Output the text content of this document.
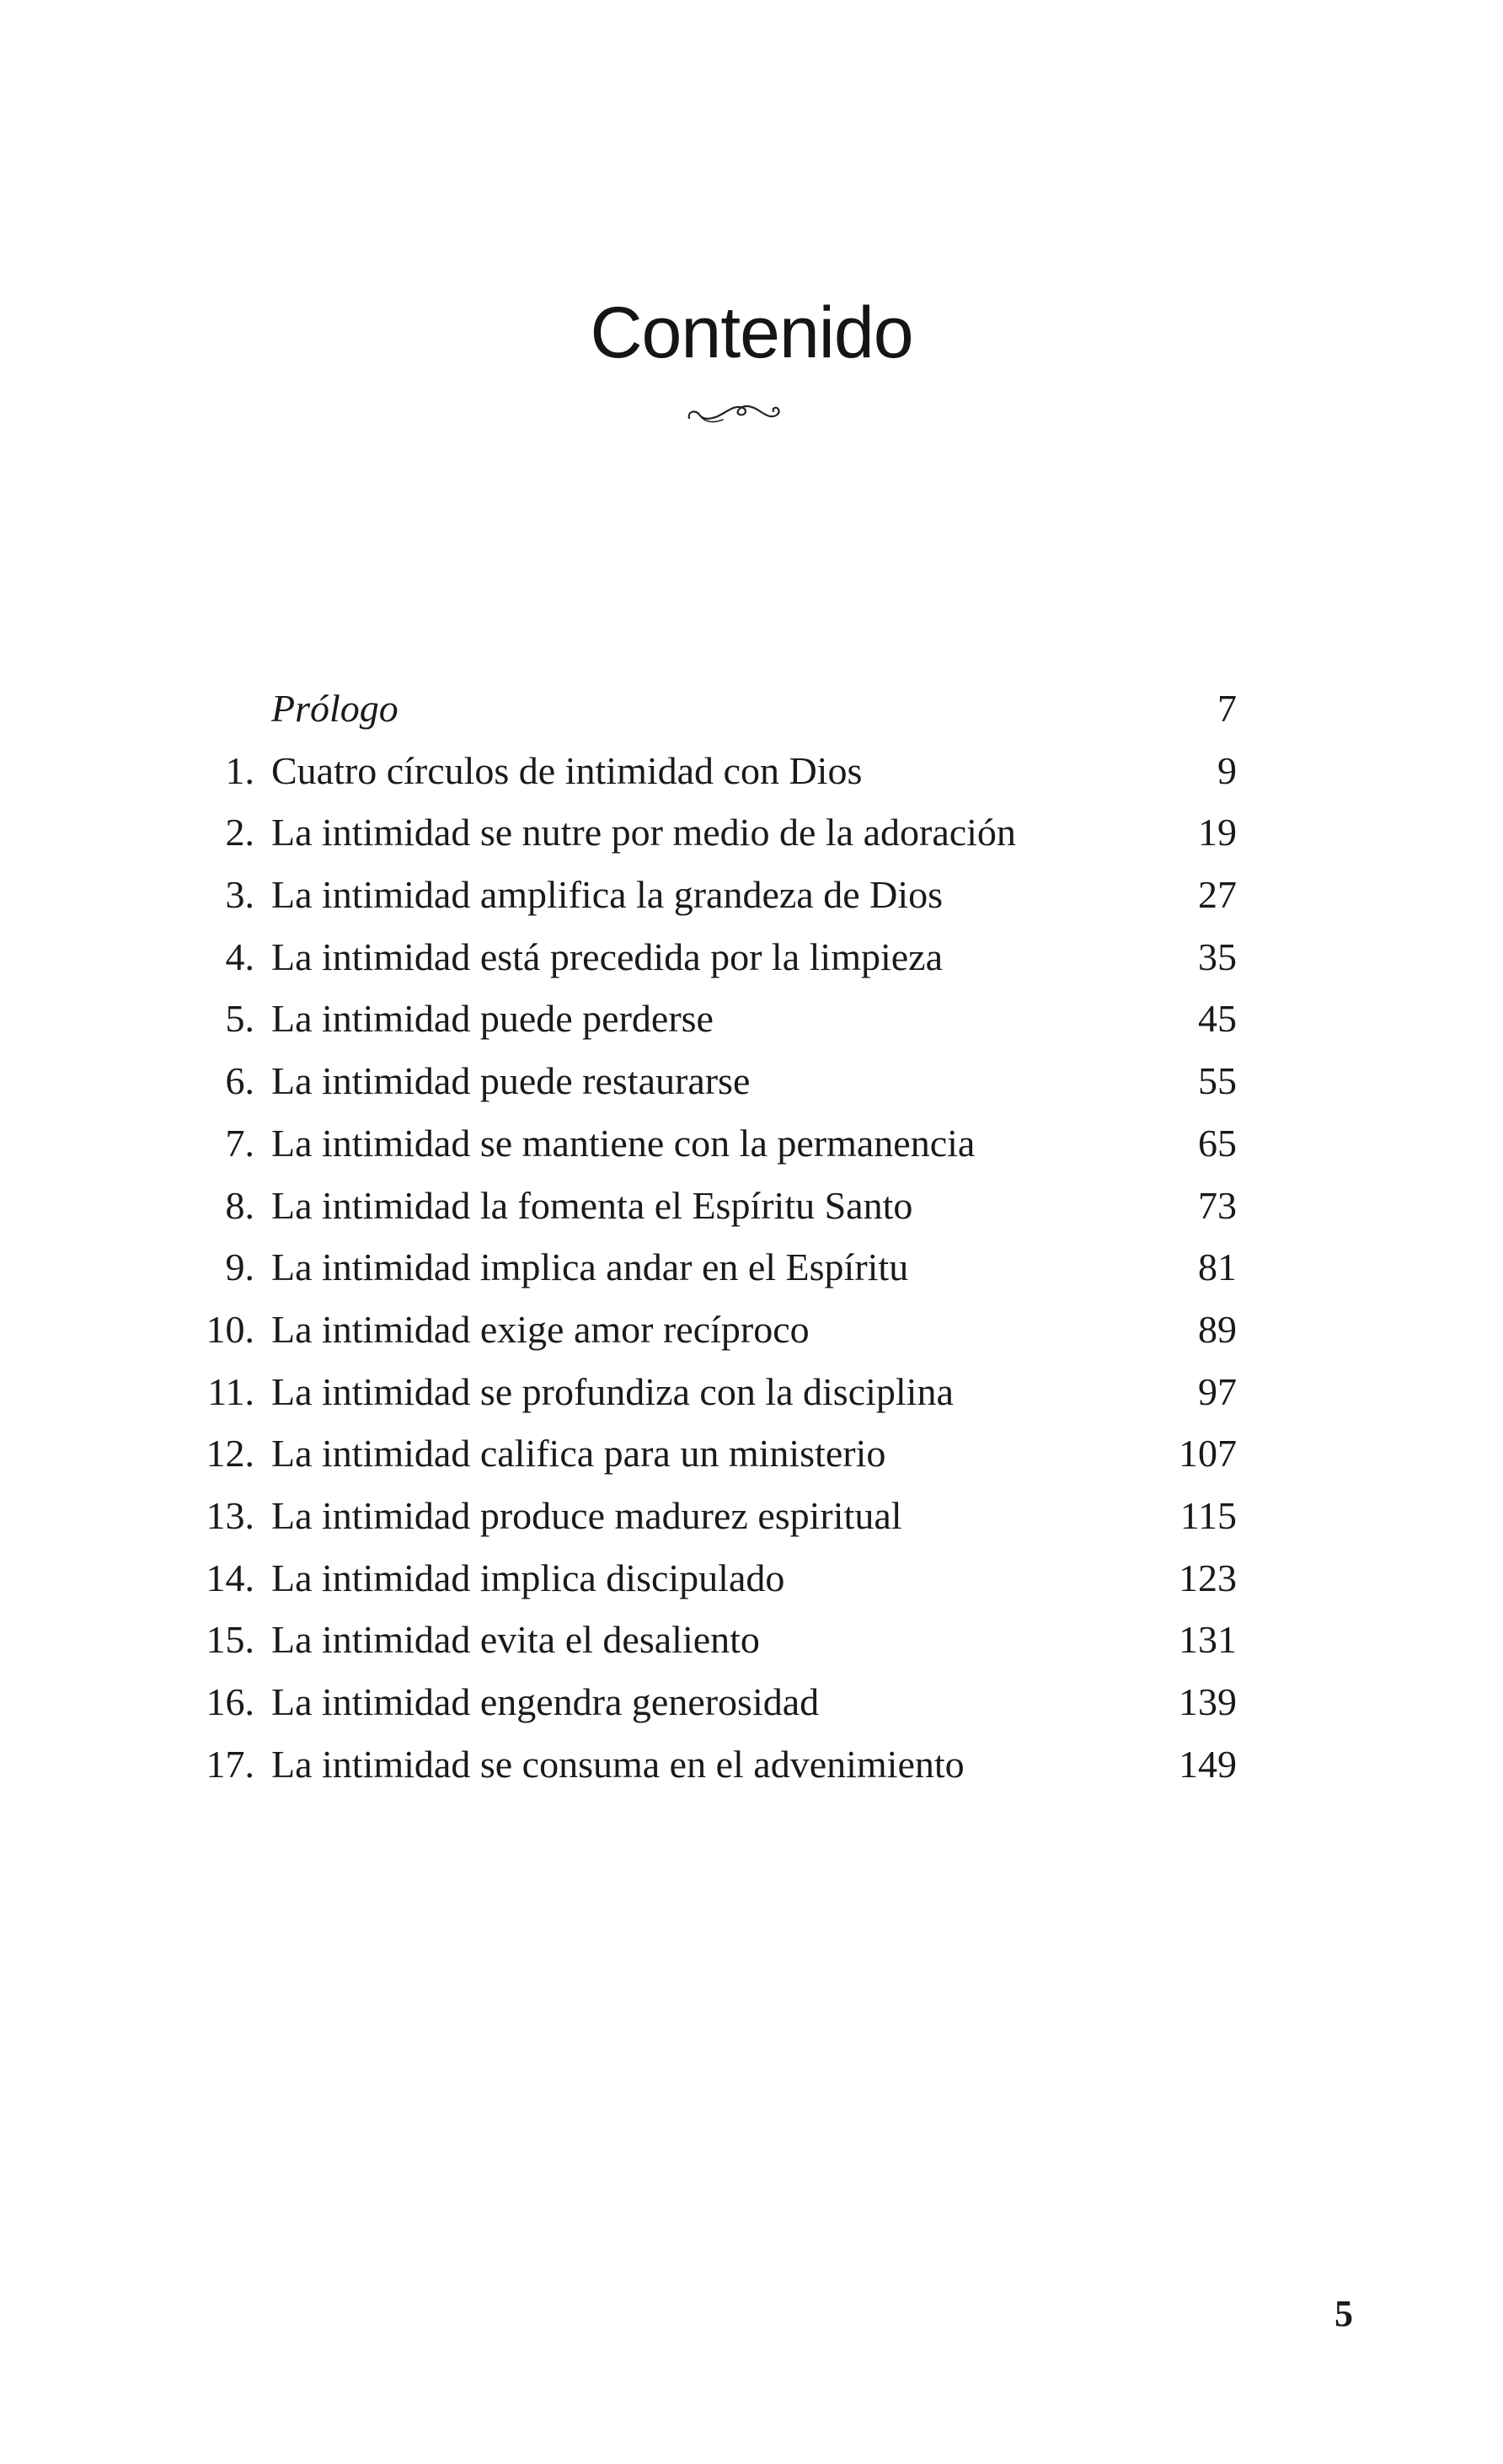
Contenido
Prólogo	7
1. Cuatro círculos de intimidad con Dios	9
2. La intimidad se nutre por medio de la adoración	19
3. La intimidad amplifica la grandeza de Dios	27
4. La intimidad está precedida por la limpieza	35
5. La intimidad puede perderse	45
6. La intimidad puede restaurarse	55
7. La intimidad se mantiene con la permanencia	65
8. La intimidad la fomenta el Espíritu Santo	73
9. La intimidad implica andar en el Espíritu	81
10. La intimidad exige amor recíproco	89
11. La intimidad se profundiza con la disciplina	97
12. La intimidad califica para un ministerio	107
13. La intimidad produce madurez espiritual	115
14. La intimidad implica discipulado	123
15. La intimidad evita el desaliento	131
16. La intimidad engendra generosidad	139
17. La intimidad se consuma en el advenimiento	149
5
